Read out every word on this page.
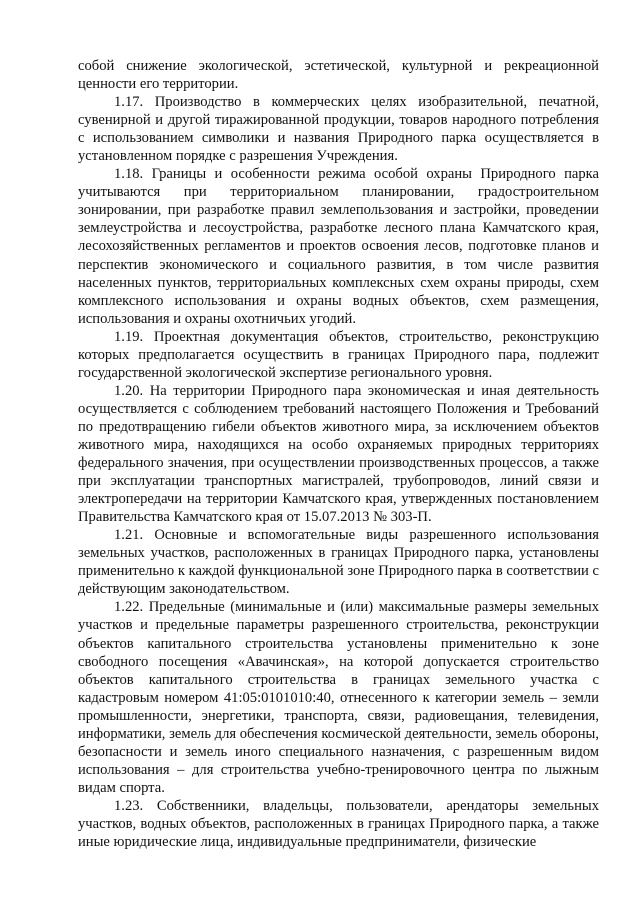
собой снижение экологической, эстетической, культурной и рекреационной ценности его территории.

1.17. Производство в коммерческих целях изобразительной, печатной, сувенирной и другой тиражированной продукции, товаров народного потребления с использованием символики и названия Природного парка осуществляется в установленном порядке с разрешения Учреждения.

1.18. Границы и особенности режима особой охраны Природного парка учитываются при территориальном планировании, градостроительном зонировании, при разработке правил землепользования и застройки, проведении землеустройства и лесоустройства, разработке лесного плана Камчатского края, лесохозяйственных регламентов и проектов освоения лесов, подготовке планов и перспектив экономического и социального развития, в том числе развития населенных пунктов, территориальных комплексных схем охраны природы, схем комплексного использования и охраны водных объектов, схем размещения, использования и охраны охотничьих угодий.

1.19. Проектная документация объектов, строительство, реконструкцию которых предполагается осуществить в границах Природного пара, подлежит государственной экологической экспертизе регионального уровня.

1.20. На территории Природного пара экономическая и иная деятельность осуществляется с соблюдением требований настоящего Положения и Требований по предотвращению гибели объектов животного мира, за исключением объектов животного мира, находящихся на особо охраняемых природных территориях федерального значения, при осуществлении производственных процессов, а также при эксплуатации транспортных магистралей, трубопроводов, линий связи и электропередачи на территории Камчатского края, утвержденных постановлением Правительства Камчатского края от 15.07.2013 № 303-П.

1.21. Основные и вспомогательные виды разрешенного использования земельных участков, расположенных в границах Природного парка, установлены применительно к каждой функциональной зоне Природного парка в соответствии с действующим законодательством.

1.22. Предельные (минимальные и (или) максимальные размеры земельных участков и предельные параметры разрешенного строительства, реконструкции объектов капитального строительства установлены применительно к зоне свободного посещения «Авачинская», на которой допускается строительство объектов капитального строительства в границах земельного участка с кадастровым номером 41:05:0101010:40, отнесенного к категории земель – земли промышленности, энергетики, транспорта, связи, радиовещания, телевидения, информатики, земель для обеспечения космической деятельности, земель обороны, безопасности и земель иного специального назначения, с разрешенным видом использования – для строительства учебно-тренировочного центра по лыжным видам спорта.

1.23. Собственники, владельцы, пользователи, арендаторы земельных участков, водных объектов, расположенных в границах Природного парка, а также иные юридические лица, индивидуальные предприниматели, физические
